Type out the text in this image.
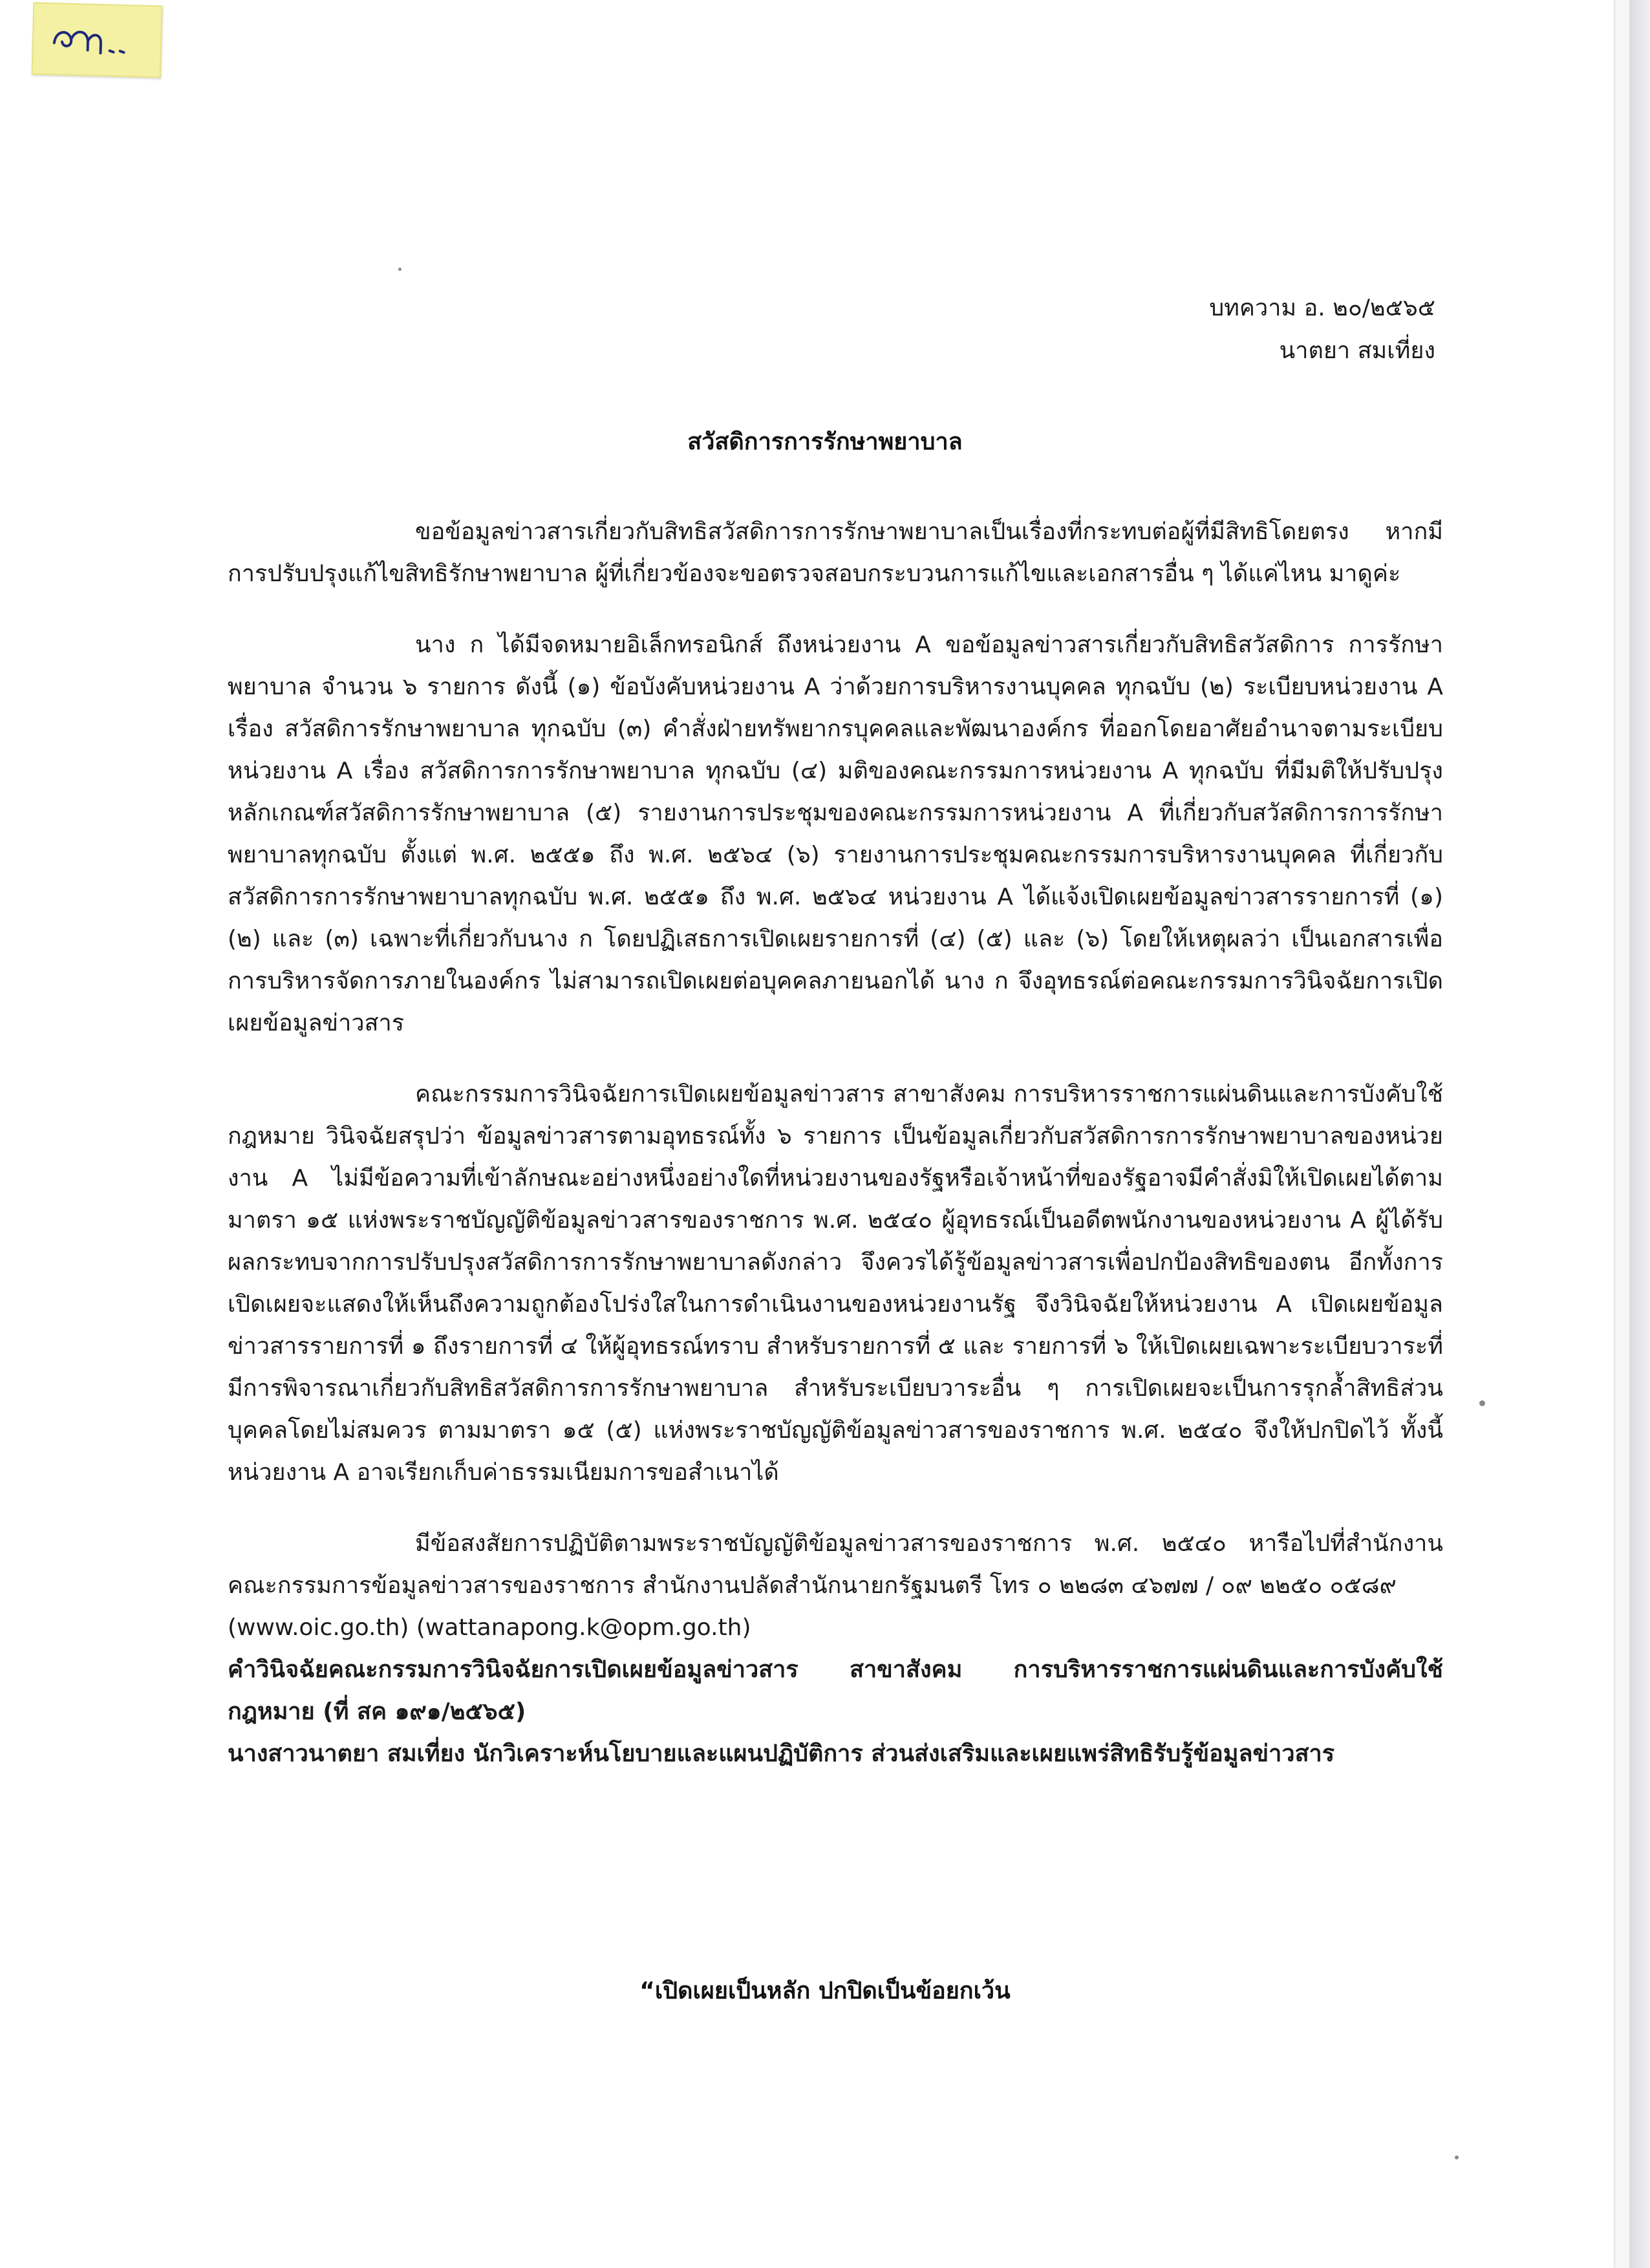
บทความ อ. ๒๐/๒๕๖๕
นาตยา สมเที่ยง
สวัสดิการการรักษาพยาบาล

ขอข้อมูลข่าวสารเกี่ยวกับสิทธิสวัสดิการการรักษาพยาบาลเป็นเรื่องที่กระทบต่อผู้ที่มีสิทธิโดยตรง หากมีการปรับปรุงแก้ไขสิทธิรักษาพยาบาล ผู้ที่เกี่ยวข้องจะขอตรวจสอบกระบวนการแก้ไขและเอกสารอื่น ๆ ได้แค่ไหน มาดูค่ะ

นาง ก ได้มีจดหมายอิเล็กทรอนิกส์ ถึงหน่วยงาน A ขอข้อมูลข่าวสารเกี่ยวกับสิทธิสวัสดิการ การรักษาพยาบาล จำนวน ๖ รายการ ดังนี้ (๑) ข้อบังคับหน่วยงาน A ว่าด้วยการบริหารงานบุคคล ทุกฉบับ (๒) ระเบียบหน่วยงาน A เรื่อง สวัสดิการรักษาพยาบาล ทุกฉบับ (๓) คำสั่งฝ่ายทรัพยากรบุคคลและพัฒนาองค์กร ที่ออกโดยอาศัยอำนาจตามระเบียบหน่วยงาน A เรื่อง สวัสดิการการรักษาพยาบาล ทุกฉบับ (๔) มติของคณะกรรมการหน่วยงาน A ทุกฉบับ ที่มีมติให้ปรับปรุงหลักเกณฑ์สวัสดิการรักษาพยาบาล (๕) รายงานการประชุมของคณะกรรมการหน่วยงาน A ที่เกี่ยวกับสวัสดิการการรักษาพยาบาลทุกฉบับ ตั้งแต่ พ.ศ. ๒๕๕๑ ถึง พ.ศ. ๒๕๖๔ (๖) รายงานการประชุมคณะกรรมการบริหารงานบุคคล ที่เกี่ยวกับสวัสดิการการรักษาพยาบาลทุกฉบับ พ.ศ. ๒๕๕๑ ถึง พ.ศ. ๒๕๖๔ หน่วยงาน A ได้แจ้งเปิดเผยข้อมูลข่าวสารรายการที่ (๑) (๒) และ (๓) เฉพาะที่เกี่ยวกับนาง ก โดยปฏิเสธการเปิดเผยรายการที่ (๔) (๕) และ (๖) โดยให้เหตุผลว่า เป็นเอกสารเพื่อการบริหารจัดการภายในองค์กร ไม่สามารถเปิดเผยต่อบุคคลภายนอกได้ นาง ก จึงอุทธรณ์ต่อคณะกรรมการวินิจฉัยการเปิดเผยข้อมูลข่าวสาร

คณะกรรมการวินิจฉัยการเปิดเผยข้อมูลข่าวสาร สาขาสังคม การบริหารราชการแผ่นดินและการบังคับใช้กฎหมาย วินิจฉัยสรุปว่า ข้อมูลข่าวสารตามอุทธรณ์ทั้ง ๖ รายการ เป็นข้อมูลเกี่ยวกับสวัสดิการการรักษาพยาบาลของหน่วยงาน A ไม่มีข้อความที่เข้าลักษณะอย่างหนึ่งอย่างใดที่หน่วยงานของรัฐหรือเจ้าหน้าที่ของรัฐอาจมีคำสั่งมิให้เปิดเผยได้ตามมาตรา ๑๕ แห่งพระราชบัญญัติข้อมูลข่าวสารของราชการ พ.ศ. ๒๕๔๐ ผู้อุทธรณ์เป็นอดีตพนักงานของหน่วยงาน A ผู้ได้รับผลกระทบจากการปรับปรุงสวัสดิการการรักษาพยาบาลดังกล่าว จึงควรได้รู้ข้อมูลข่าวสารเพื่อปกป้องสิทธิของตน อีกทั้งการเปิดเผยจะแสดงให้เห็นถึงความถูกต้องโปร่งใสในการดำเนินงานของหน่วยงานรัฐ จึงวินิจฉัยให้หน่วยงาน A เปิดเผยข้อมูลข่าวสารรายการที่ ๑ ถึงรายการที่ ๔ ให้ผู้อุทธรณ์ทราบ สำหรับรายการที่ ๕ และ รายการที่ ๖ ให้เปิดเผยเฉพาะระเบียบวาระที่มีการพิจารณาเกี่ยวกับสิทธิสวัสดิการการรักษาพยาบาล สำหรับระเบียบวาระอื่น ๆ การเปิดเผยจะเป็นการรุกล้ำสิทธิส่วนบุคคลโดยไม่สมควร ตามมาตรา ๑๕ (๕) แห่งพระราชบัญญัติข้อมูลข่าวสารของราชการ พ.ศ. ๒๕๔๐ จึงให้ปกปิดไว้ ทั้งนี้หน่วยงาน A อาจเรียกเก็บค่าธรรมเนียมการขอสำเนาได้

มีข้อสงสัยการปฏิบัติตามพระราชบัญญัติข้อมูลข่าวสารของราชการ พ.ศ. ๒๕๔๐ หารือไปที่สำนักงานคณะกรรมการข้อมูลข่าวสารของราชการ สำนักงานปลัดสำนักนายกรัฐมนตรี โทร ๐ ๒๒๘๓ ๔๖๗๗ / ๐๙ ๒๒๕๐ ๐๕๘๙

(www.oic.go.th) (wattanapong.k@opm.go.th)
คำวินิจฉัยคณะกรรมการวินิจฉัยการเปิดเผยข้อมูลข่าวสาร สาขาสังคม การบริหารราชการแผ่นดินและการบังคับใช้กฎหมาย (ที่ สค ๑๙๑/๒๕๖๕)
นางสาวนาตยา สมเที่ยง นักวิเคราะห์นโยบายและแผนปฏิบัติการ ส่วนส่งเสริมและเผยแพร่สิทธิรับรู้ข้อมูลข่าวสาร
“เปิดเผยเป็นหลัก ปกปิดเป็นข้อยกเว้น
